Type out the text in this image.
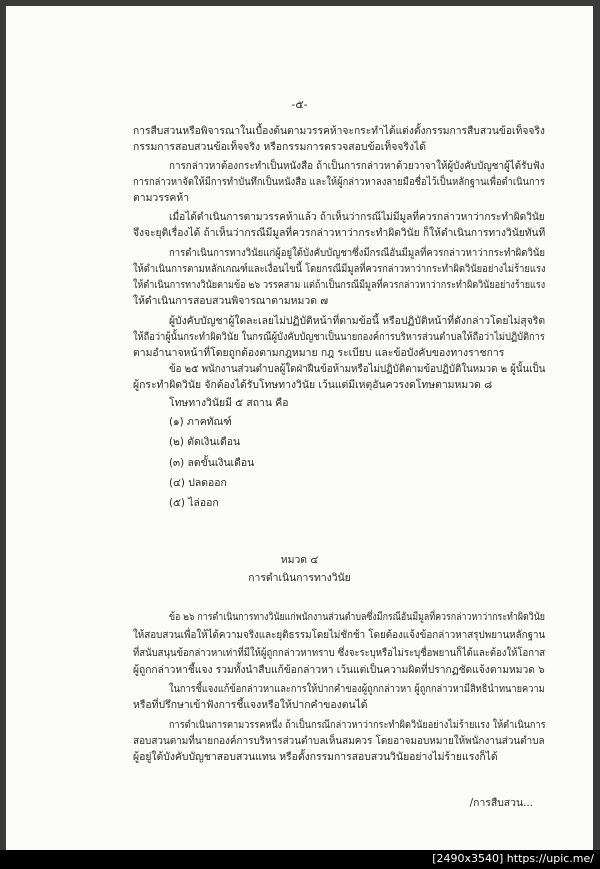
-๕-
การสืบสวนหรือพิจารณาในเบื้องต้นตามวรรคห้าจะกระทำได้แต่งตั้งกรรมการสืบสวนข้อเท็จจริง
กรรมการสอบสวนข้อเท็จจริง หรือกรรมการตรวจสอบข้อเท็จจริงได้
การกล่าวหาต้องกระทำเป็นหนังสือ ถ้าเป็นการกล่าวหาด้วยวาจาให้ผู้บังคับบัญชาผู้ได้รับฟัง
การกล่าวหาจัดให้มีการทำบันทึกเป็นหนังสือ และให้ผู้กล่าวหาลงลายมือชื่อไว้เป็นหลักฐานเพื่อดำเนินการ
ตามวรรคห้า
เมื่อได้ดำเนินการตามวรรคห้าแล้ว ถ้าเห็นว่ากรณีไม่มีมูลที่ควรกล่าวหาว่ากระทำผิดวินัย
จึงจะยุติเรื่องได้ ถ้าเห็นว่ากรณีมีมูลที่ควรกล่าวหาว่ากระทำผิดวินัย ก็ให้ดำเนินการทางวินัยทันที
การดำเนินการทางวินัยแก่ผู้อยู่ใต้บังคับบัญชาซึ่งมีกรณีอันมีมูลที่ควรกล่าวหาว่ากระทำผิดวินัย
ให้ดำเนินการตามหลักเกณฑ์และเงื่อนไขนี้ โดยกรณีมีมูลที่ควรกล่าวหาว่ากระทำผิดวินัยอย่างไม่ร้ายแรง
ให้ดำเนินการทางวินัยตามข้อ ๒๖ วรรคสาม แต่ถ้าเป็นกรณีมีมูลที่ควรกล่าวหาว่ากระทำผิดวินัยอย่างร้ายแรง
ให้ดำเนินการสอบสวนพิจารณาตามหมวด ๗
ผู้บังคับบัญชาผู้ใดละเลยไม่ปฏิบัติหน้าที่ตามข้อนี้ หรือปฏิบัติหน้าที่ดังกล่าวโดยไม่สุจริต
ให้ถือว่าผู้นั้นกระทำผิดวินัย ในกรณีผู้บังคับบัญชาเป็นนายกองค์การบริหารส่วนตำบลให้ถือว่าไม่ปฏิบัติการ
ตามอำนาจหน้าที่โดยถูกต้องตามกฎหมาย กฎ ระเบียบ และข้อบังคับของทางราชการ
ข้อ ๒๕ พนักงานส่วนตำบลผู้ใดฝ่าฝืนข้อห้ามหรือไม่ปฏิบัติตามข้อปฏิบัติในหมวด ๒ ผู้นั้นเป็น
ผู้กระทำผิดวินัย จักต้องได้รับโทษทางวินัย เว้นแต่มีเหตุอันควรงดโทษตามหมวด ๘
โทษทางวินัยมี ๕ สถาน คือ
(๑) ภาคทัณฑ์
(๒) ตัดเงินเดือน
(๓) ลดขั้นเงินเดือน
(๔) ปลดออก
(๕) ไล่ออก
หมวด ๔
การดำเนินการทางวินัย
ข้อ ๒๖ การดำเนินการทางวินัยแก่พนักงานส่วนตำบลซึ่งมีกรณีอันมีมูลที่ควรกล่าวหาว่ากระทำผิดวินัย
ให้สอบสวนเพื่อให้ได้ความจริงและยุติธรรมโดยไม่ชักช้า โดยต้องแจ้งข้อกล่าวหาสรุปพยานหลักฐาน
ที่สนับสนุนข้อกล่าวหาเท่าที่มีให้ผู้ถูกกล่าวหาทราบ ซึ่งจะระบุหรือไม่ระบุชื่อพยานก็ได้และต้องให้โอกาส
ผู้ถูกกล่าวหาชี้แจง รวมทั้งนำสืบแก้ข้อกล่าวหา เว้นแต่เป็นความผิดที่ปรากฏชัดแจ้งตามหมวด ๖
ในการชี้แจงแก้ข้อกล่าวหาและการให้ปากคำของผู้ถูกกล่าวหา ผู้ถูกกล่าวหามีสิทธินำทนายความ
หรือที่ปรึกษาเข้าฟังการชี้แจงหรือให้ปากคำของตนได้
การดำเนินการตามวรรคหนึ่ง ถ้าเป็นกรณีกล่าวหาว่ากระทำผิดวินัยอย่างไม่ร้ายแรง ให้ดำเนินการ
สอบสวนตามที่นายกองค์การบริหารส่วนตำบลเห็นสมควร โดยอาจมอบหมายให้พนักงานส่วนตำบล
ผู้อยู่ใต้บังคับบัญชาสอบสวนแทน หรือตั้งกรรมการสอบสวนวินัยอย่างไม่ร้ายแรงก็ได้
/การสืบสวน...
[2490x3540] https://upic.me/
